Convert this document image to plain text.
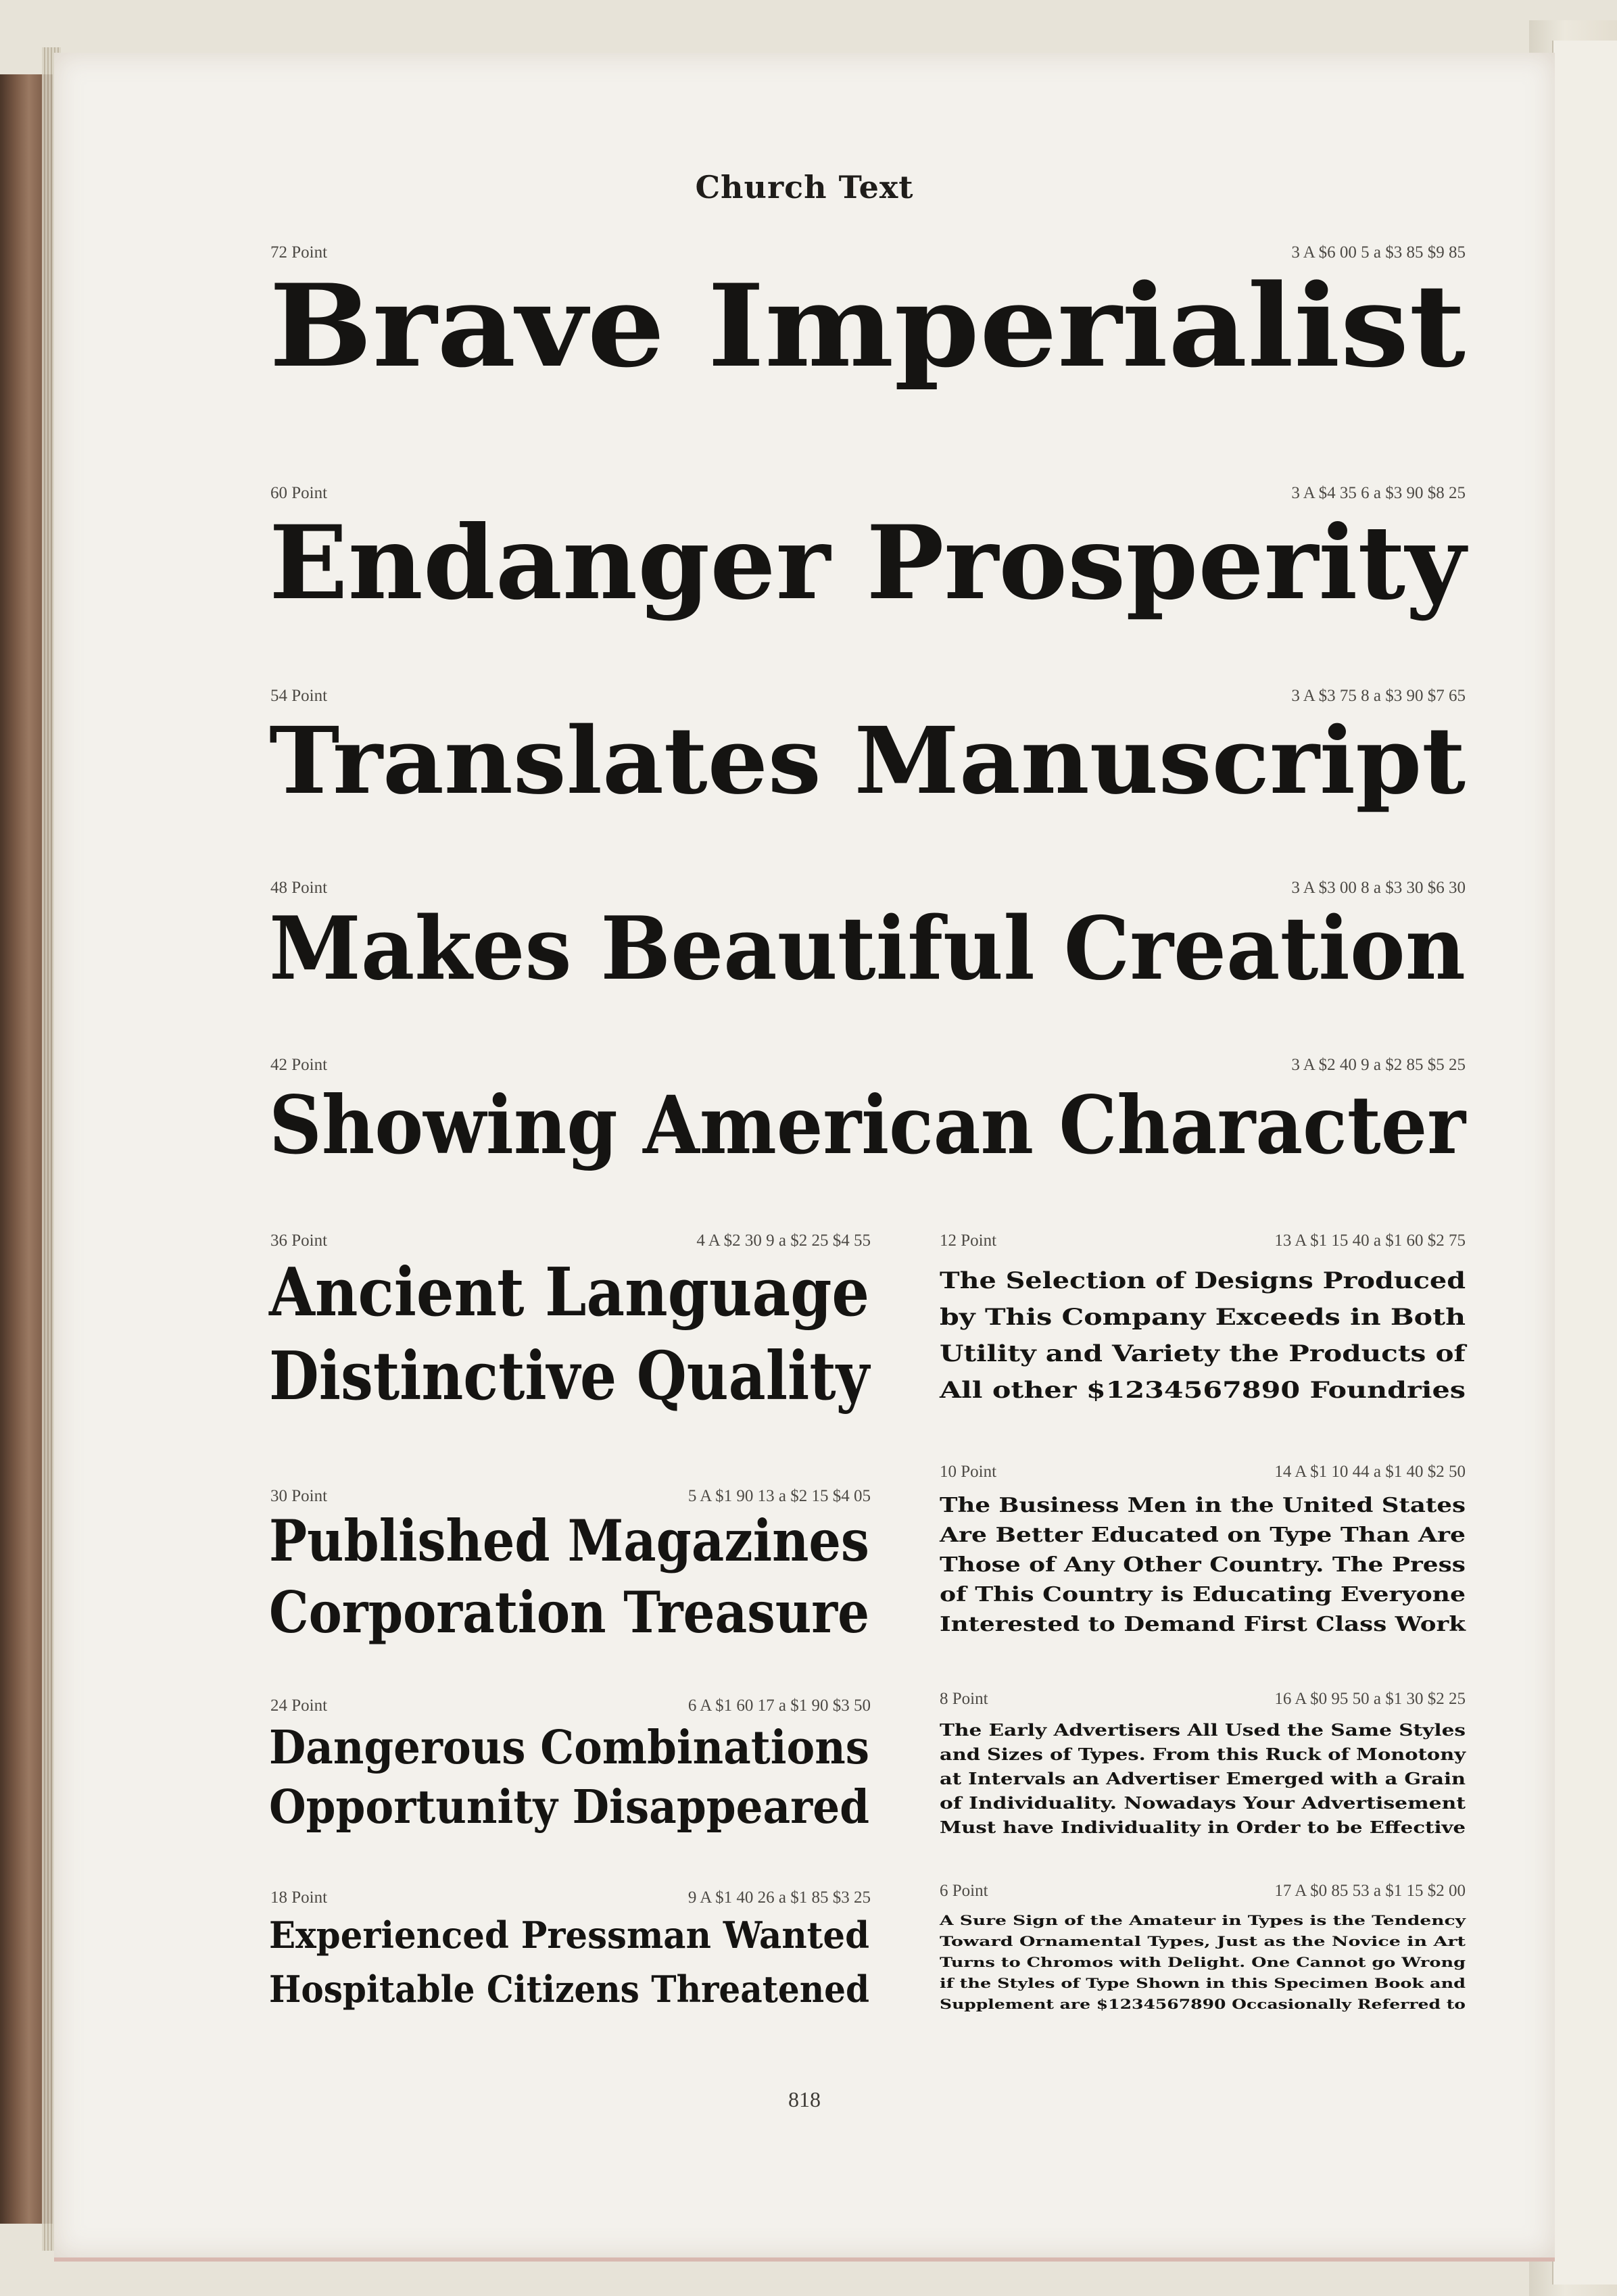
Church Text
72 Point	3 A $6 00 5 a $3 85 $9 85
Brave Imperialist
60 Point	3 A $4 35 6 a $3 90 $8 25
Endanger Prosperity
54 Point	3 A $3 75 8 a $3 90 $7 65
Translates Manuscript
48 Point	3 A $3 00 8 a $3 30 $6 30
Makes Beautiful Creation
42 Point	3 A $2 40 9 a $2 85 $5 25
Showing American Character
36 Point	4 A $2 30 9 a $2 25 $4 55
Ancient Language
Distinctive Quality
30 Point	5 A $1 90 13 a $2 15 $4 05
Published Magazines
Corporation Treasure
24 Point	6 A $1 60 17 a $1 90 $3 50
Dangerous Combinations
Opportunity Disappeared
18 Point	9 A $1 40 26 a $1 85 $3 25
Experienced Pressman Wanted
Hospitable Citizens Threatened
12 Point	13 A $1 15 40 a $1 60 $2 75
The Selection of Designs Produced by This Company Exceeds in Both Utility and Variety the Products of All other $1234567890 Foundries
10 Point	14 A $1 10 44 a $1 40 $2 50
The Business Men in the United States Are Better Educated on Type Than Are Those of Any Other Country. The Press of This Country is Educating Everyone Interested to Demand First Class Work
8 Point	16 A $0 95 50 a $1 30 $2 25
The Early Advertisers All Used the Same Styles and Sizes of Types. From this Ruck of Monotony at Intervals an Advertiser Emerged with a Grain of Individuality. Nowadays Your Advertisement Must have Individuality in Order to be Effective
6 Point	17 A $0 85 53 a $1 15 $2 00
A Sure Sign of the Amateur in Types is the Tendency Toward Ornamental Types, Just as the Novice in Art Turns to Chromos with Delight. One Cannot go Wrong if the Styles of Type Shown in this Specimen Book and Supplement are $1234567890 Occasionally Referred to
818
